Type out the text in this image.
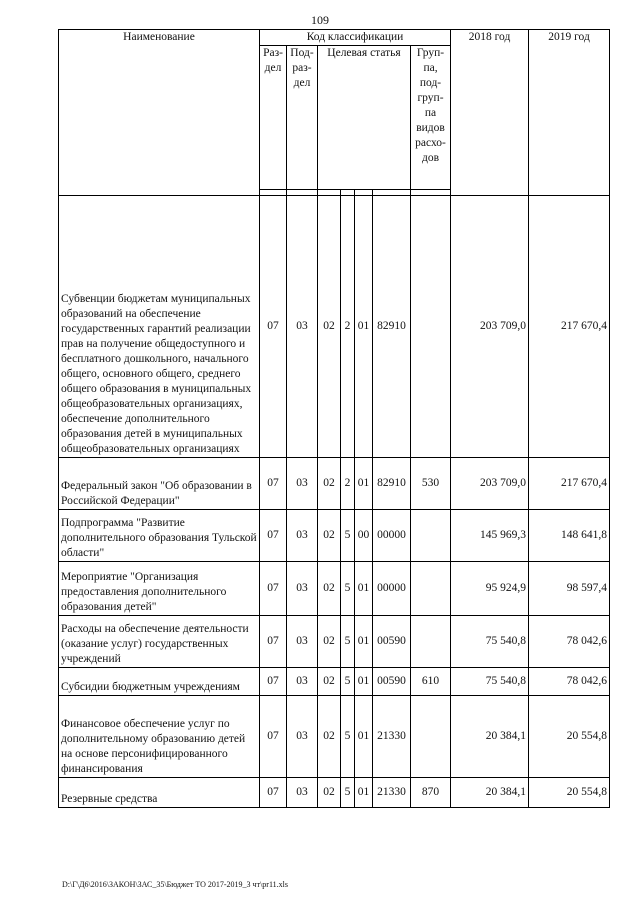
109
Наименование	Код классификации							2018 год	2019 год
	Раз-дел	Под-раз-дел	Целевая статья				Груп-па, под-груп-па видов расхо-дов		

Субвенции бюджетам муниципальных образований на обеспечение государственных гарантий реализации прав на получение общедоступного и бесплатного дошкольного, начального общего, основного общего, среднего общего образования в муниципальных общеобразовательных организациях, обеспечение дополнительного образования детей в муниципальных общеобразовательных организациях	07	03	02	2	01	82910		203 709,0	217 670,4
Федеральный закон "Об образовании в Российской Федерации"	07	03	02	2	01	82910	530	203 709,0	217 670,4
Подпрограмма "Развитие дополнительного образования Тульской области"	07	03	02	5	00	00000		145 969,3	148 641,8
Мероприятие "Организация предоставления дополнительного образования детей"	07	03	02	5	01	00000		95 924,9	98 597,4
Расходы на обеспечение деятельности (оказание услуг) государственных учреждений	07	03	02	5	01	00590		75 540,8	78 042,6
Субсидии бюджетным учреждениям	07	03	02	5	01	00590	610	75 540,8	78 042,6
Финансовое обеспечение услуг по дополнительному образованию детей на основе персонифицированного финансирования	07	03	02	5	01	21330		20 384,1	20 554,8
Резервные средства	07	03	02	5	01	21330	870	20 384,1	20 554,8
D:\Г\Д6\2016\ЗАКОН\ЗАС_35\Бюджет ТО 2017-2019_3 чт\pr11.xls
